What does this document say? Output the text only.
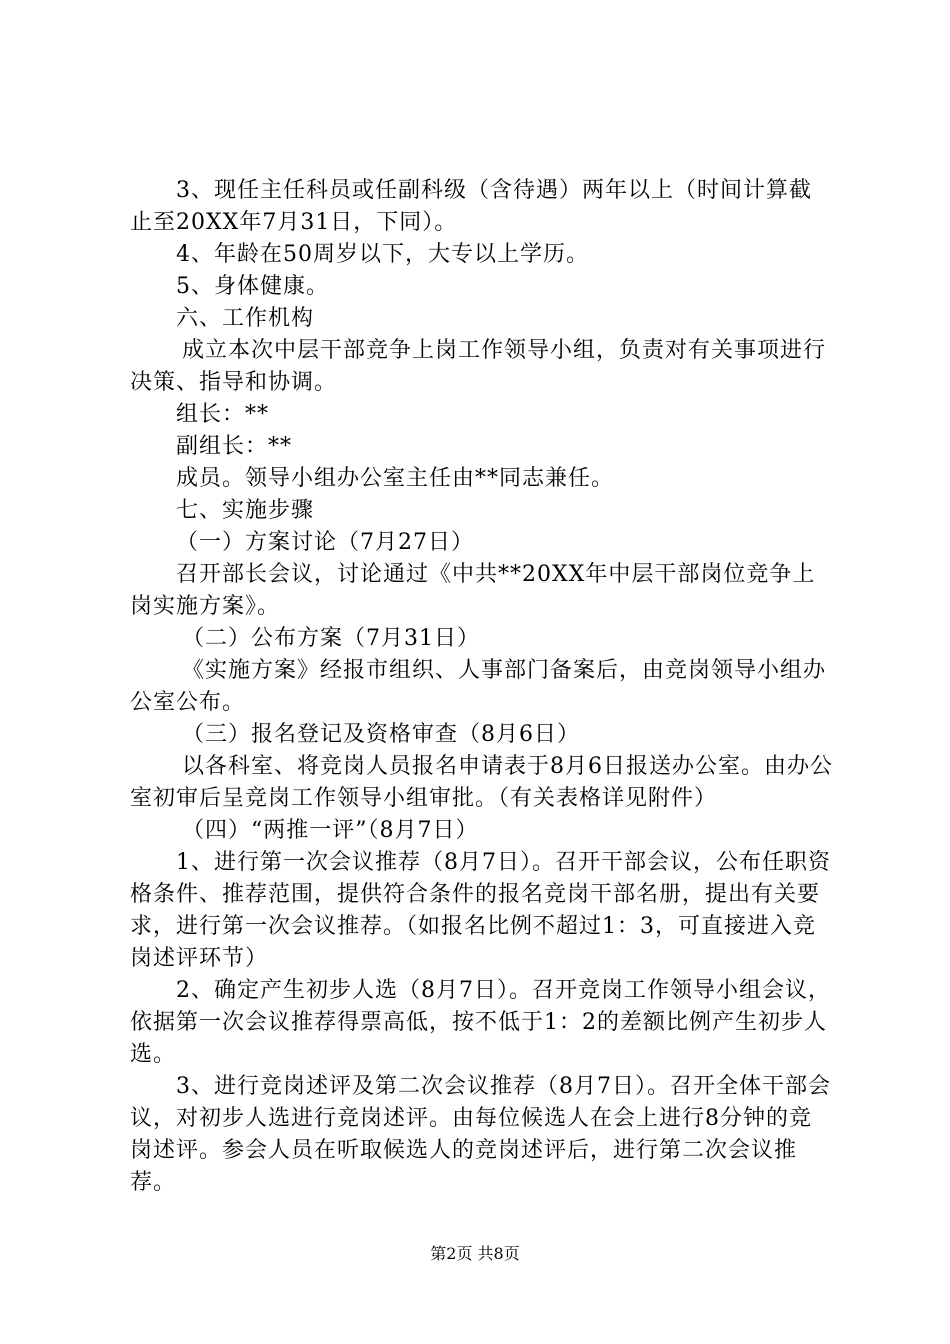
3、现任主任科员或任副科级（含待遇）两年以上（时间计算截止至20XX年7月31日，下同）。

4、年龄在50周岁以下，大专以上学历。

5、身体健康。

六、工作机构

成立本次中层干部竞争上岗工作领导小组，负责对有关事项进行决策、指导和协调。

组长：**

副组长：**

成员。领导小组办公室主任由**同志兼任。

七、实施步骤

（一）方案讨论（7月27日）

召开部长会议，讨论通过《中共**20XX年中层干部岗位竞争上岗实施方案》。

（二）公布方案（7月31日）

《实施方案》经报市组织、人事部门备案后，由竞岗领导小组办公室公布。

（三）报名登记及资格审查（8月6日）

以各科室、将竞岗人员报名申请表于8月6日报送办公室。由办公室初审后呈竞岗工作领导小组审批。（有关表格详见附件）

（四）“两推一评”（8月7日）

1、进行第一次会议推荐（8月7日）。召开干部会议，公布任职资格条件、推荐范围，提供符合条件的报名竞岗干部名册，提出有关要求，进行第一次会议推荐。（如报名比例不超过1：3，可直接进入竞岗述评环节）

2、确定产生初步人选（8月7日）。召开竞岗工作领导小组会议，依据第一次会议推荐得票高低，按不低于1：2的差额比例产生初步人选。

3、进行竞岗述评及第二次会议推荐（8月7日）。召开全体干部会议，对初步人选进行竞岗述评。由每位候选人在会上进行8分钟的竞岗述评。参会人员在听取候选人的竞岗述评后，进行第二次会议推荐。

第2页 共8页
